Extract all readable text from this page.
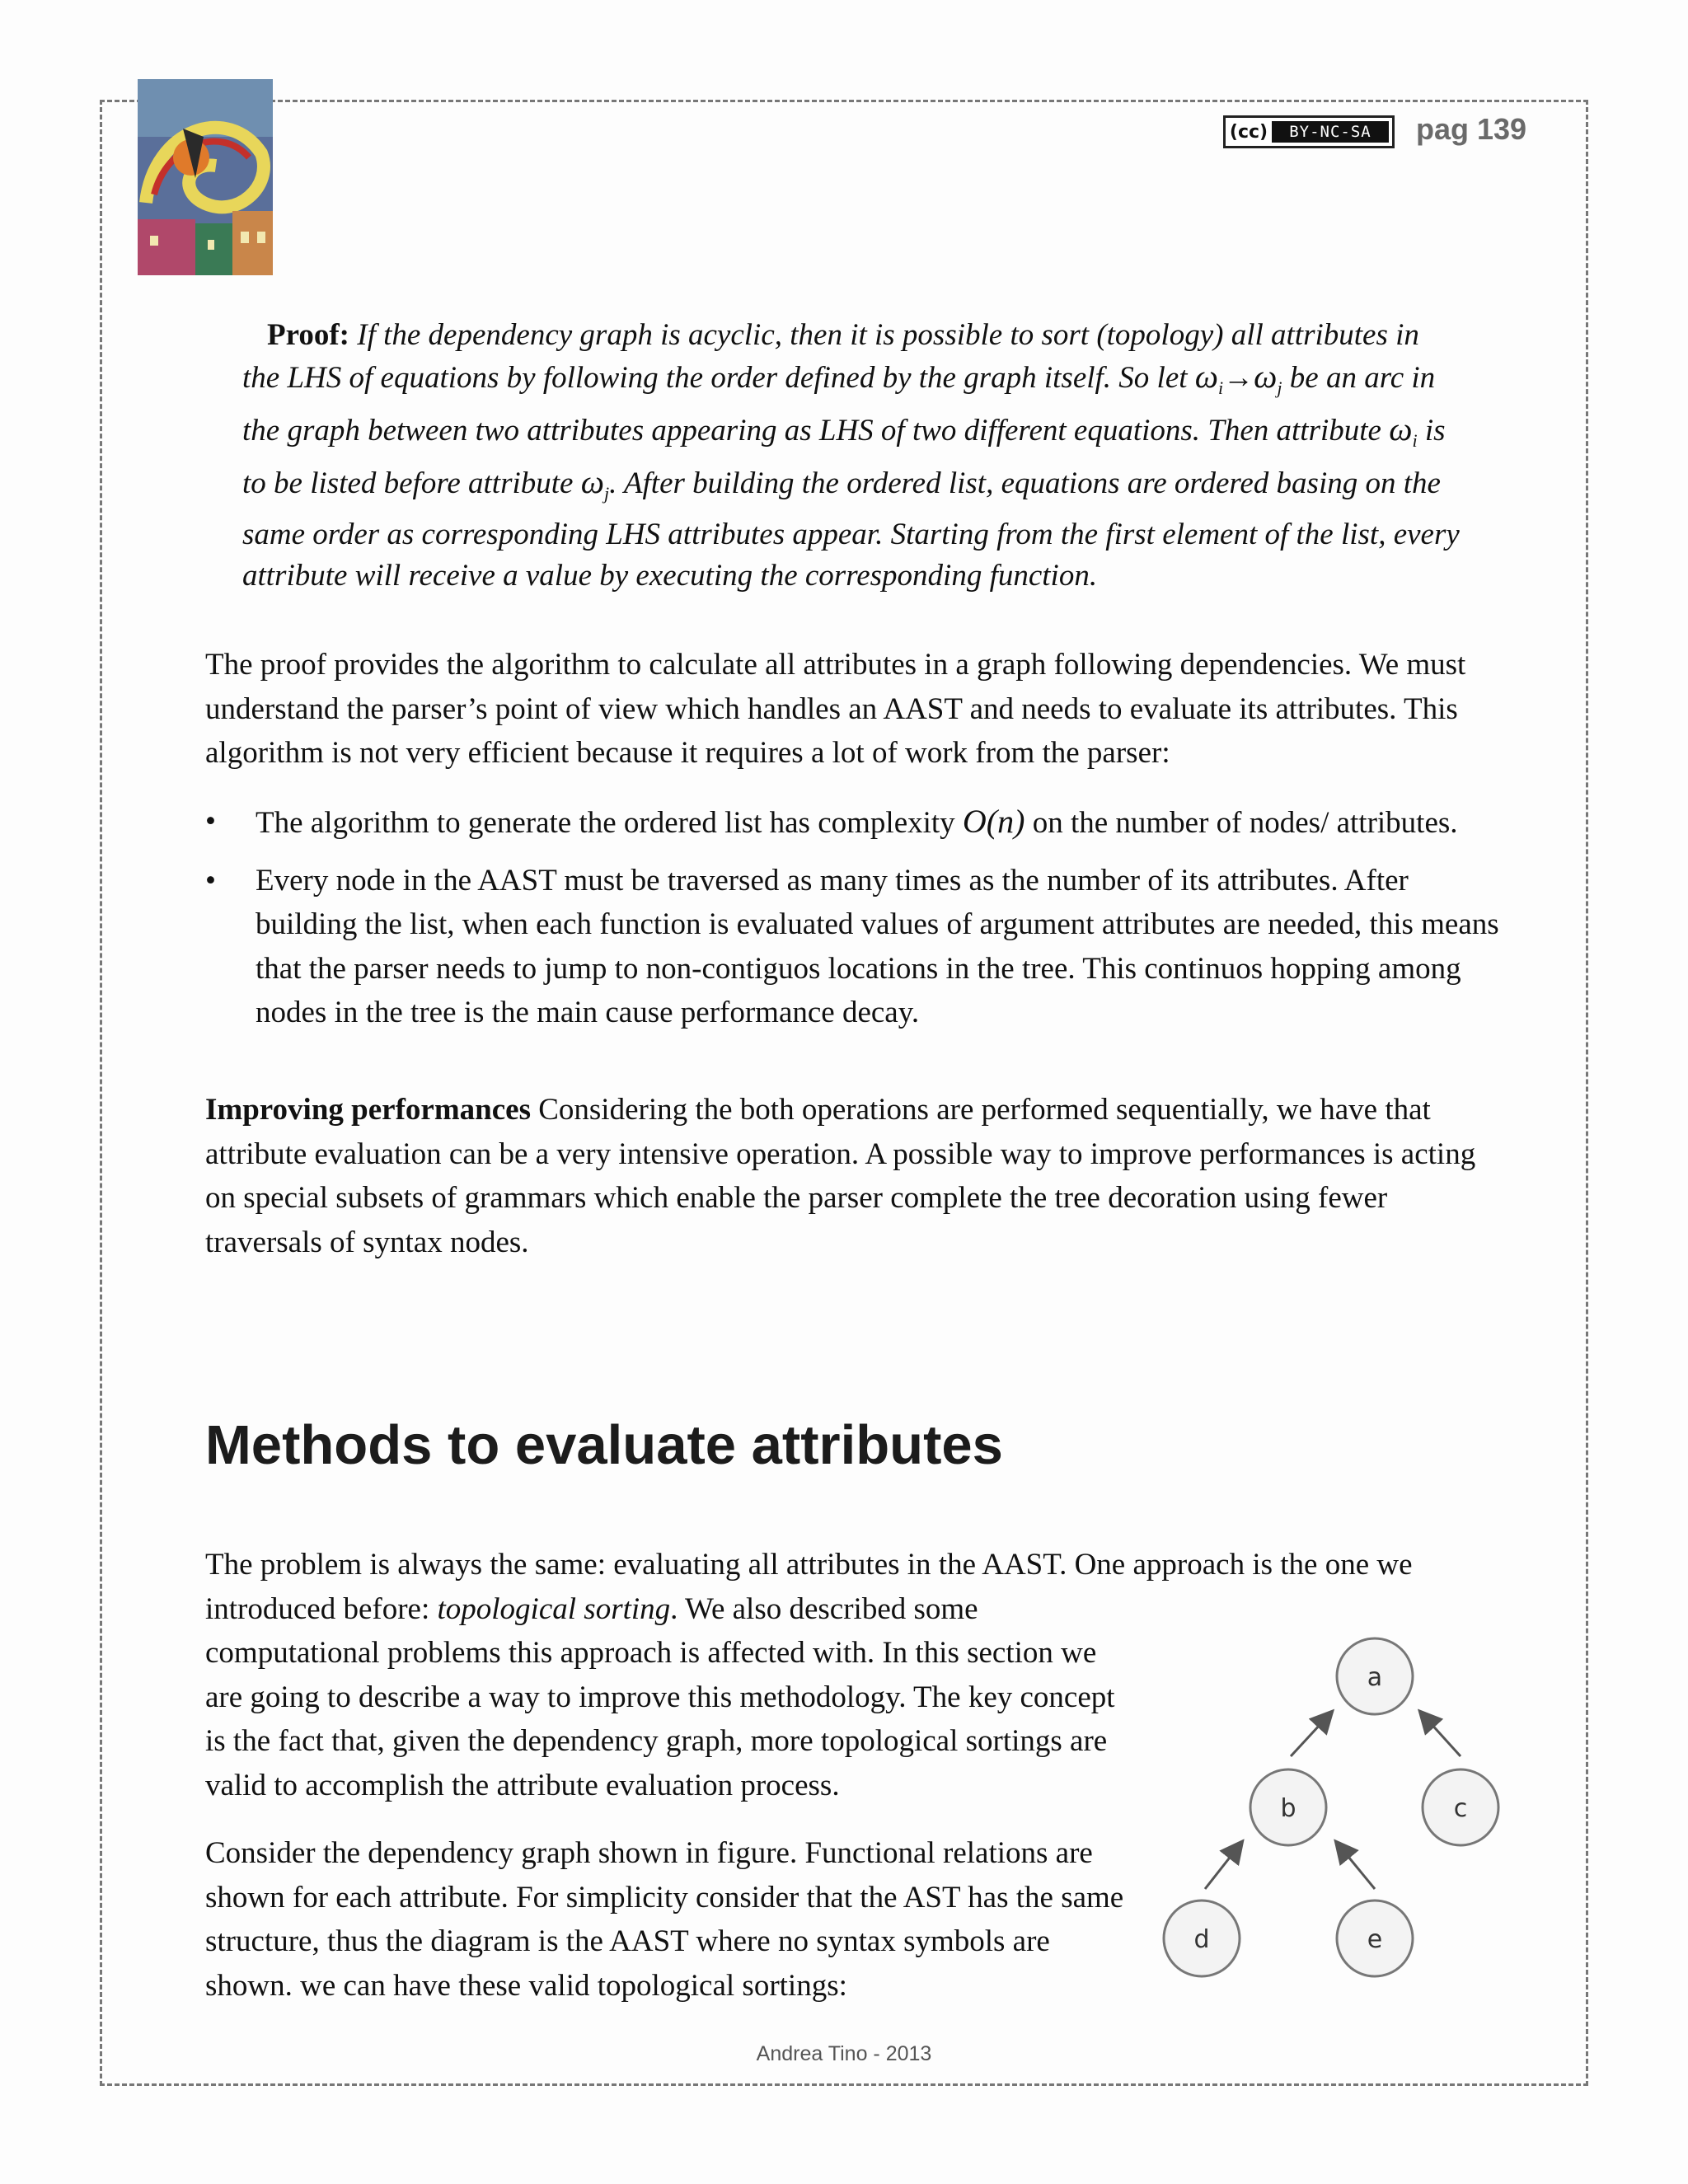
(cc)	BY-NC-SA	pag 139
Proof: If the dependency graph is acyclic, then it is possible to sort (topology) all attributes in the LHS of equations by following the order defined by the graph itself. So let $\omega_i\to\omega_j$ be an arc in the graph between two attributes appearing as LHS of two different equations. Then attribute $\omega_i$ is to be listed before attribute $\omega_j$. After building the ordered list, equations are ordered basing on the same order as corresponding LHS attributes appear. Starting from the first element of the list, every attribute will receive a value by executing the corresponding function.

The proof provides the algorithm to calculate all attributes in a graph following dependencies. We must understand the parser’s point of view which handles an AAST and needs to evaluate its attributes. This algorithm is not very efficient because it requires a lot of work from the parser:

• The algorithm to generate the ordered list has complexity O(n) on the number of nodes/ attributes.
• Every node in the AAST must be traversed as many times as the number of its attributes. After building the list, when each function is evaluated values of argument attributes are needed, this means that the parser needs to jump to non-contiguos locations in the tree. This continuos hopping among nodes in the tree is the main cause performance decay.

Improving performances Considering the both operations are performed sequentially, we have that attribute evaluation can be a very intensive operation. A possible way to improve performances is acting on special subsets of grammars which enable the parser complete the tree decoration using fewer traversals of syntax nodes.

Methods to evaluate attributes

The problem is always the same: evaluating all attributes in the AAST. One approach is the one we
introduced before: topological sorting. We also described some computational problems this approach is affected with. In this section we are going to describe a way to improve this methodology. The key concept is the fact that, given the dependency graph, more topological sortings are valid to accomplish the attribute evaluation process.

Consider the dependency graph shown in figure. Functional relations are shown for each attribute. For simplicity consider that the AST has the same structure, thus the diagram is the AAST where no syntax symbols are shown. we can have these valid topological sortings:

a
b	c
d	e
Andrea Tino - 2013
